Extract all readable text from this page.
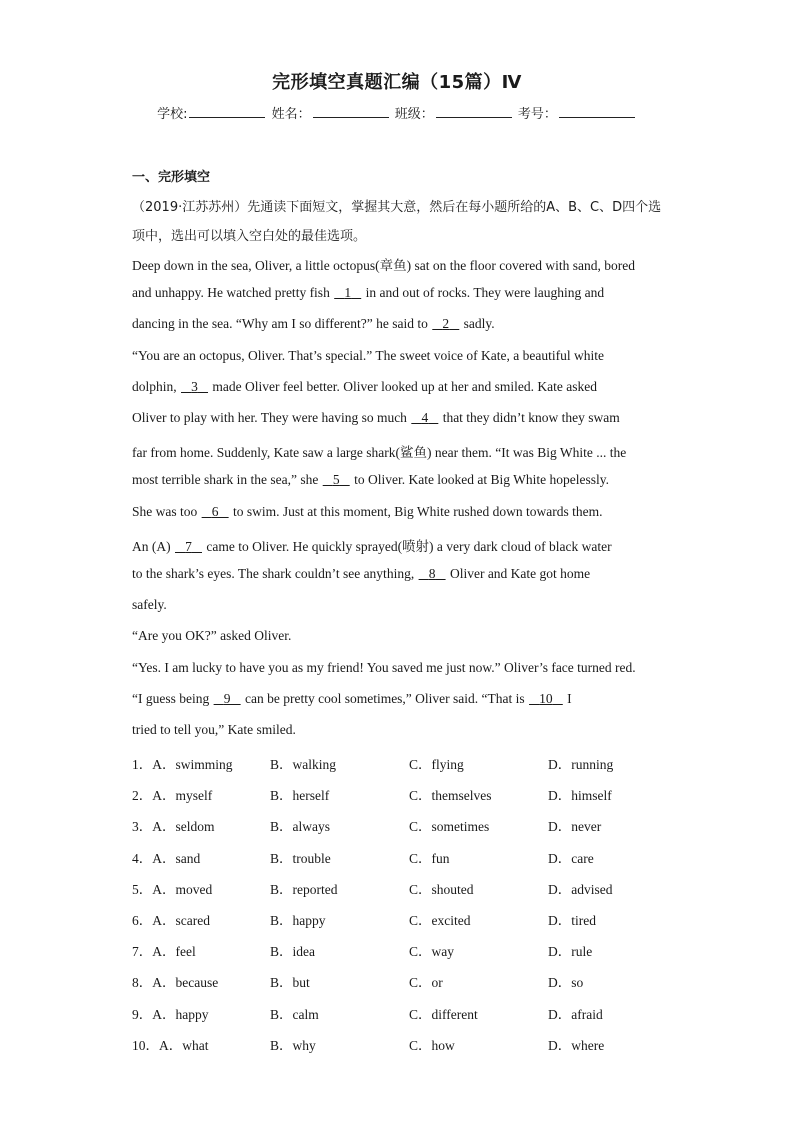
完形填空真题汇编（15篇）Ⅳ
学校:	姓名：	班级：	考号：
一、完形填空
（2019·江苏苏州）先通读下面短文，掌握其大意，然后在每小题所给的A、B、C、D四个选项中，选出可以填入空白处的最佳选项。
Deep down in the sea, Oliver, a little octopus(章鱼) sat on the floor covered with sand, bored
and unhappy. He watched pretty fish 1 in and out of rocks. They were laughing and
dancing in the sea. “Why am I so different?” he said to 2 sadly.
“You are an octopus, Oliver. That’s special.” The sweet voice of Kate, a beautiful white
dolphin, 3 made Oliver feel better. Oliver looked up at her and smiled. Kate asked
Oliver to play with her. They were having so much 4 that they didn’t know they swam
far from home. Suddenly, Kate saw a large shark(鲨鱼) near them. “It was Big White ... the
most terrible shark in the sea,” she 5 to Oliver. Kate looked at Big White hopelessly.
She was too 6 to swim. Just at this moment, Big White rushed down towards them.
An (A) 7 came to Oliver. He quickly sprayed(喷射) a very dark cloud of black water
to the shark’s eyes. The shark couldn’t see anything, 8 Oliver and Kate got home
safely.
“Are you OK?” asked Oliver.
“Yes. I am lucky to have you as my friend! You saved me just now.” Oliver’s face turned red.
“I guess being 9 can be pretty cool sometimes,” Oliver said. “That is 10 I
tried to tell you,” Kate smiled.
1．A．swimming	B．walking	C．flying	D．running
2．A．myself	B．herself	C．themselves	D．himself
3．A．seldom	B．always	C．sometimes	D．never
4．A．sand	B．trouble	C．fun	D．care
5．A．moved	B．reported	C．shouted	D．advised
6．A．scared	B．happy	C．excited	D．tired
7．A．feel	B．idea	C．way	D．rule
8．A．because	B．but	C．or	D．so
9．A．happy	B．calm	C．different	D．afraid
10．A．what	B．why	C．how	D．where
